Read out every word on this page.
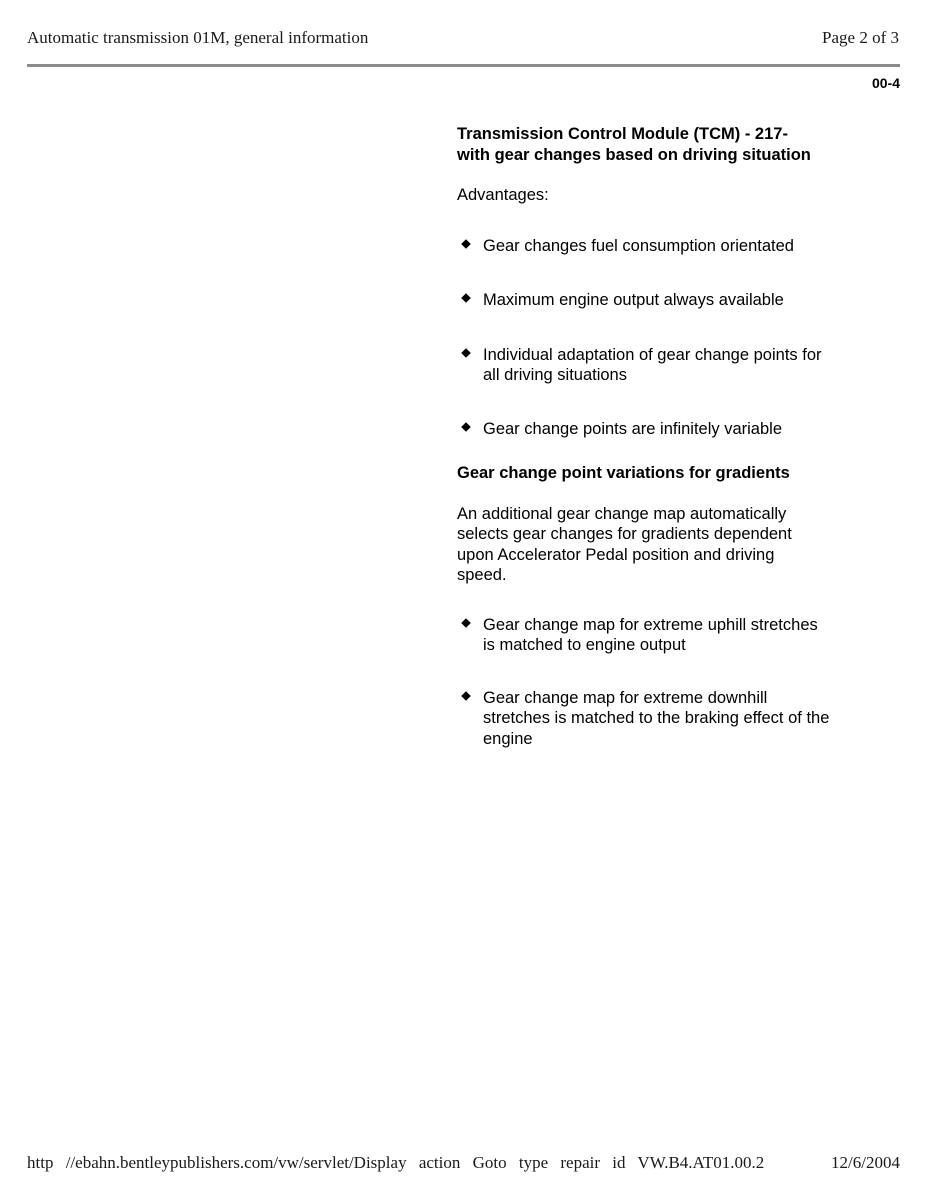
Automatic transmission 01M, general information	Page 2 of 3
00-4

Transmission Control Module (TCM) - 217-
with gear changes based on driving situation

Advantages:

Gear changes fuel consumption orientated
Maximum engine output always available
Individual adaptation of gear change points for
all driving situations
Gear change points are infinitely variable

Gear change point variations for gradients

An additional gear change map automatically
selects gear changes for gradients dependent
upon Accelerator Pedal position and driving
speed.

Gear change map for extreme uphill stretches
is matched to engine output
Gear change map for extreme downhill
stretches is matched to the braking effect of the
engine
http //ebahn.bentleypublishers.com/vw/servlet/Display action Goto type repair id VW.B4.AT01.00.2	12/6/2004
